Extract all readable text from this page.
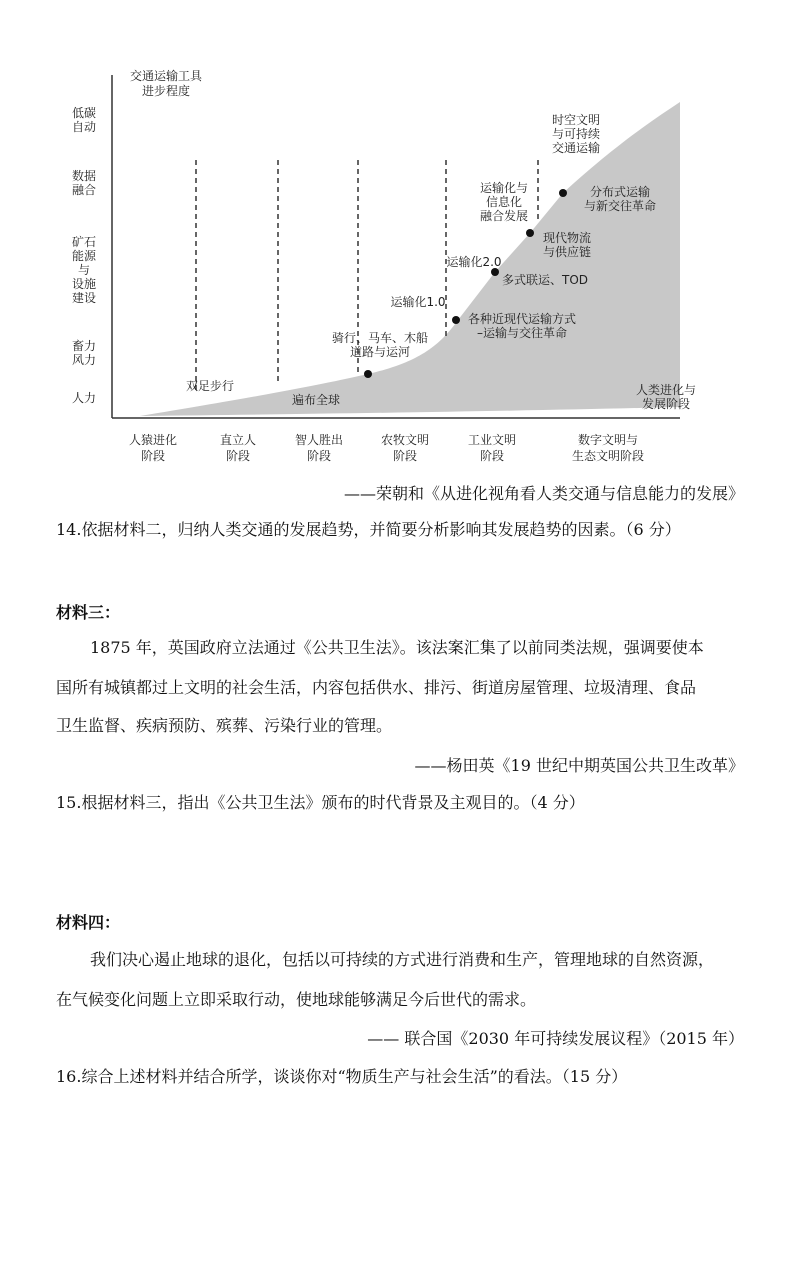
交通运输工具
进步程度
低碳
自动
数据
融合
矿石
能源
与
设施
建设
畜力
风力
人力
人猿进化
阶段
直立人
阶段
智人胜出
阶段
农牧文明
阶段
工业文明
阶段
数字文明与
生态文明阶段
双足步行
遍布全球
骑行、马车、木船
道路与运河
运输化1.0
各种近现代运输方式
–运输与交往革命
运输化2.0
多式联运、TOD
现代物流
与供应链
运输化与
信息化
融合发展
分布式运输
与新交往革命
时空文明
与可持续
交通运输
人类进化与
发展阶段
——荣朝和《从进化视角看人类交通与信息能力的发展》
14.依据材料二，归纳人类交通的发展趋势，并简要分析影响其发展趋势的因素。（6 分）
材料三：
1875 年，英国政府立法通过《公共卫生法》。该法案汇集了以前同类法规，强调要使本
国所有城镇都过上文明的社会生活，内容包括供水、排污、街道房屋管理、垃圾清理、食品
卫生监督、疾病预防、殡葬、污染行业的管理。
——杨田英《19 世纪中期英国公共卫生改革》
15.根据材料三，指出《公共卫生法》颁布的时代背景及主观目的。（4 分）
材料四：
我们决心遏止地球的退化，包括以可持续的方式进行消费和生产，管理地球的自然资源，
在气候变化问题上立即采取行动，使地球能够满足今后世代的需求。
—— 联合国《2030 年可持续发展议程》（2015 年）
16.综合上述材料并结合所学，谈谈你对“物质生产与社会生活”的看法。（15 分）
